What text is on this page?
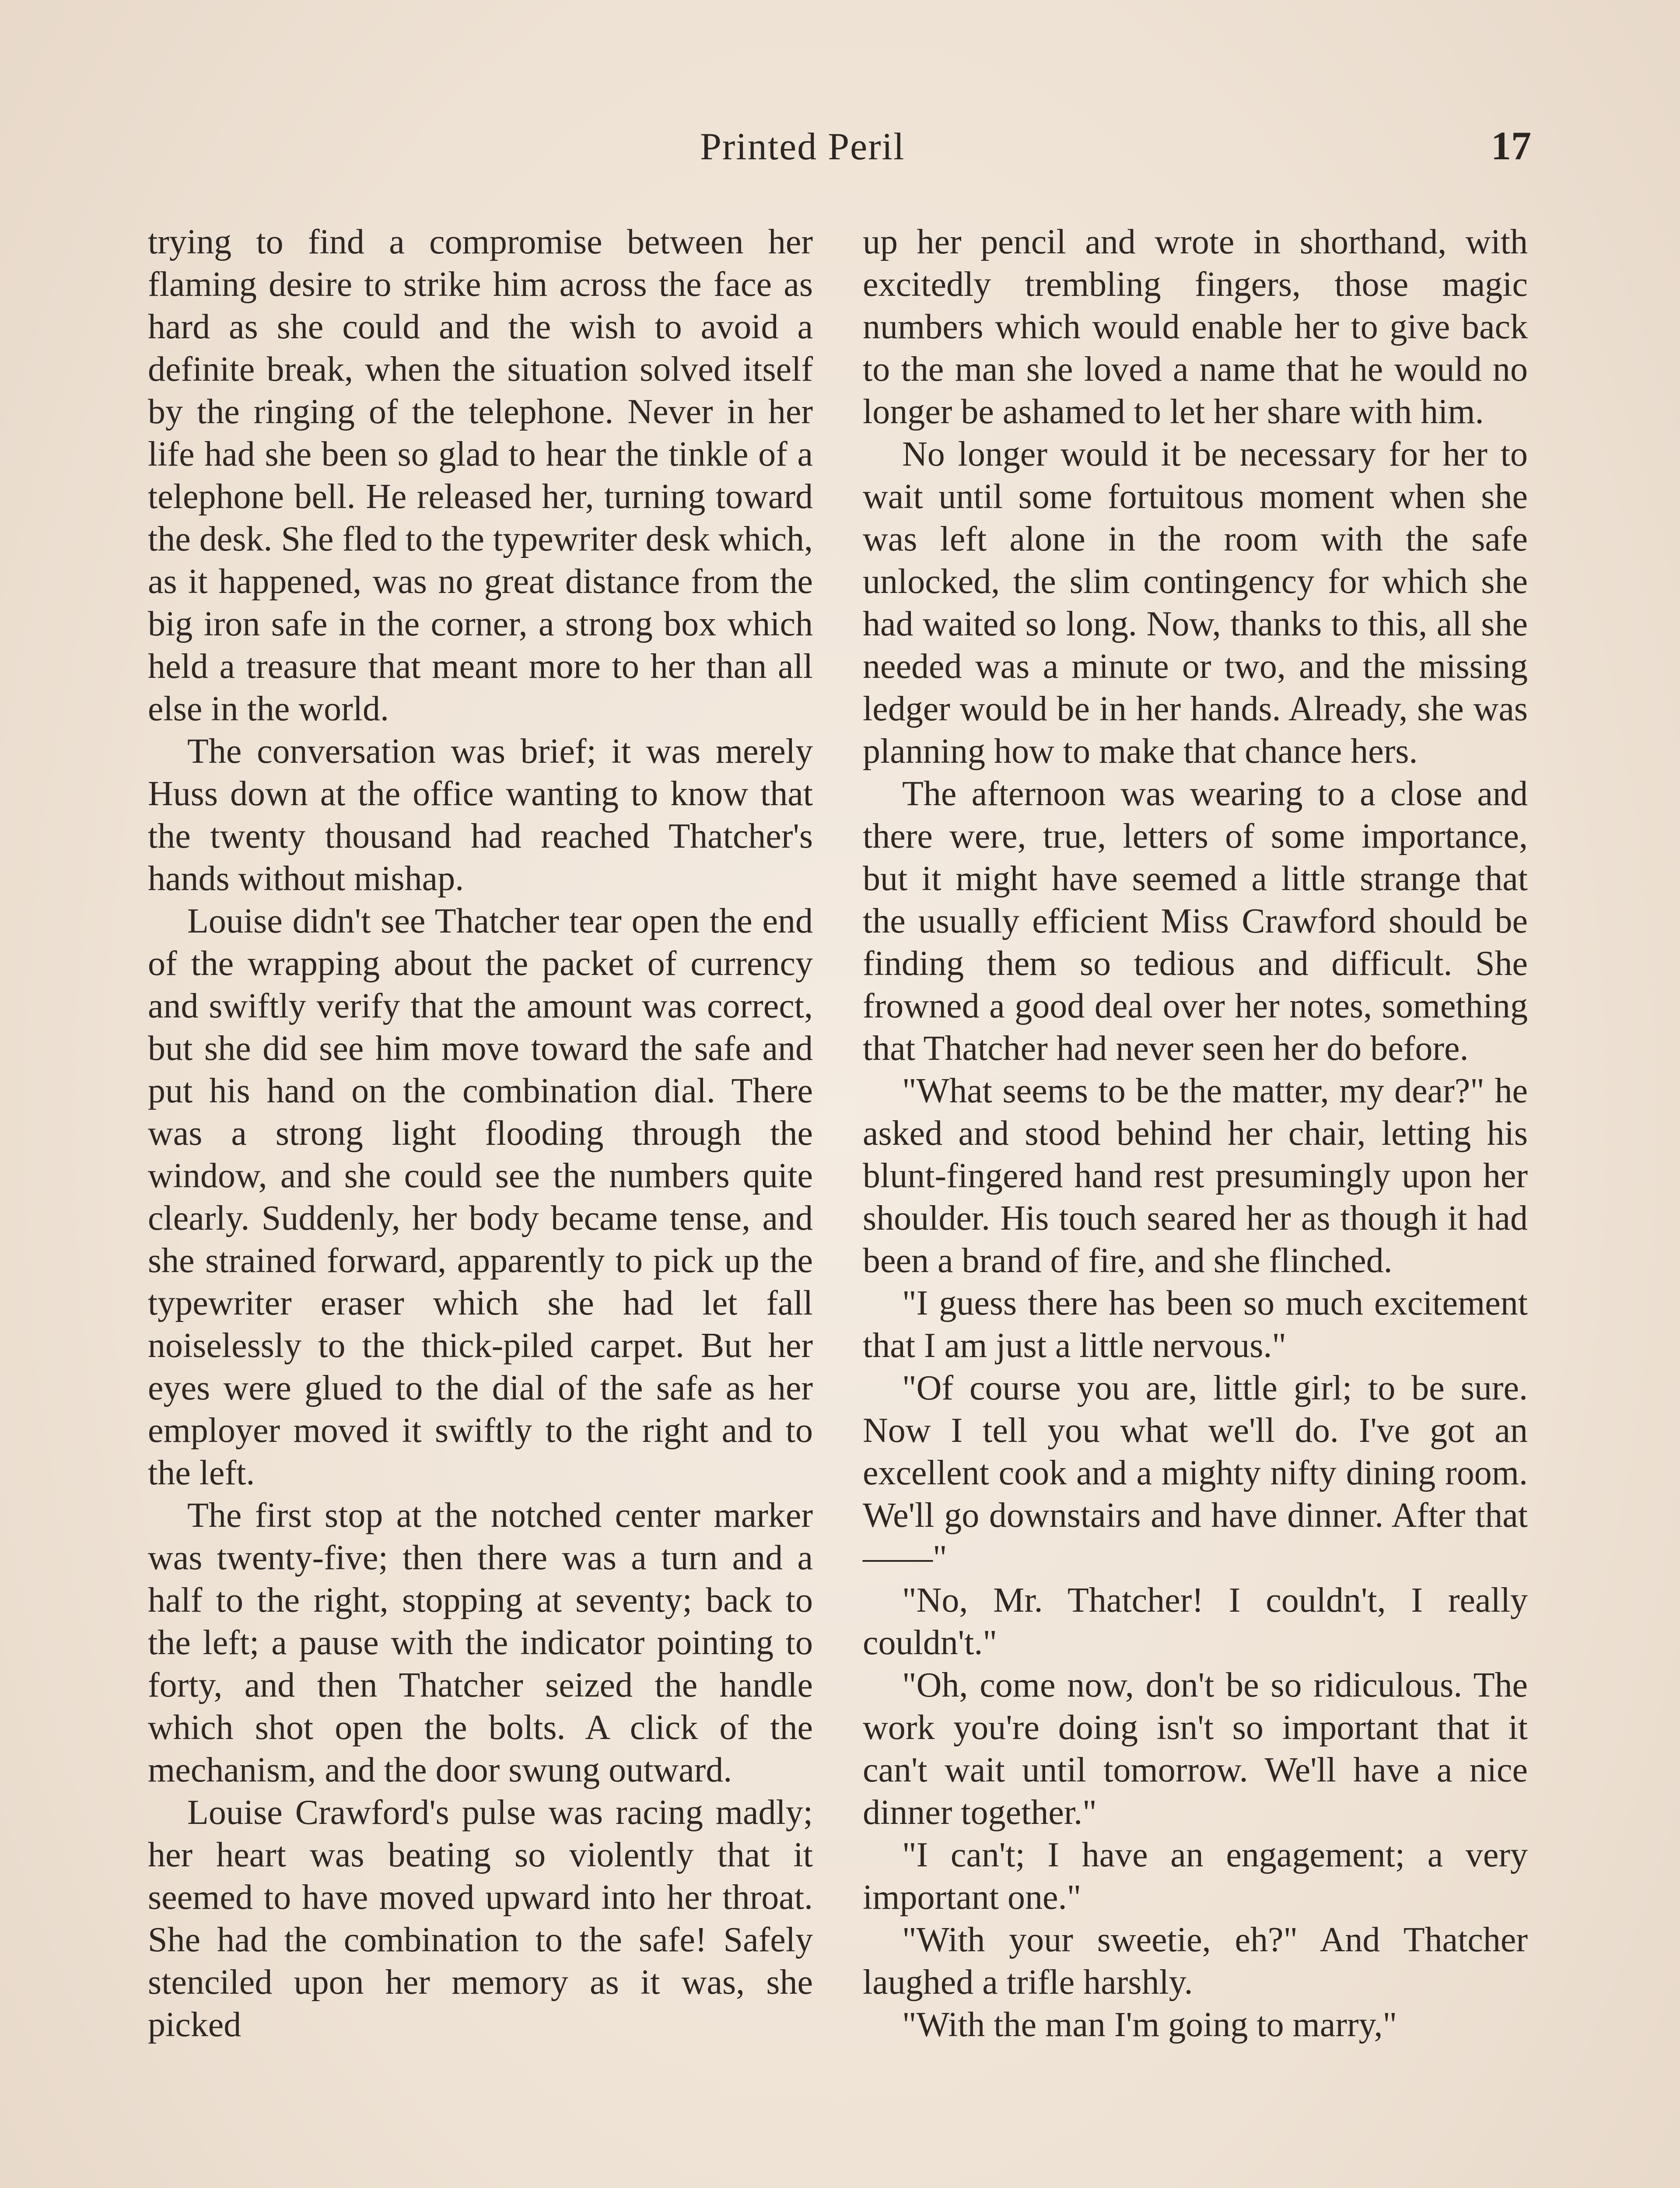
Printed Peril	17

trying to find a compromise between her flaming desire to strike him across the face as hard as she could and the wish to avoid a definite break, when the situation solved itself by the ringing of the telephone. Never in her life had she been so glad to hear the tinkle of a telephone bell. He released her, turning toward the desk. She fled to the typewriter desk which, as it happened, was no great distance from the big iron safe in the corner, a strong box which held a treasure that meant more to her than all else in the world.

The conversation was brief; it was merely Huss down at the office wanting to know that the twenty thousand had reached Thatcher's hands without mishap.

Louise didn't see Thatcher tear open the end of the wrapping about the packet of currency and swiftly verify that the amount was correct, but she did see him move toward the safe and put his hand on the combination dial. There was a strong light flooding through the window, and she could see the numbers quite clearly. Suddenly, her body became tense, and she strained forward, apparently to pick up the typewriter eraser which she had let fall noiselessly to the thick-piled carpet. But her eyes were glued to the dial of the safe as her employer moved it swiftly to the right and to the left.

The first stop at the notched center marker was twenty-five; then there was a turn and a half to the right, stopping at seventy; back to the left; a pause with the indicator pointing to forty, and then Thatcher seized the handle which shot open the bolts. A click of the mechanism, and the door swung outward.

Louise Crawford's pulse was racing madly; her heart was beating so violently that it seemed to have moved upward into her throat. She had the combination to the safe! Safely stenciled upon her memory as it was, she picked

up her pencil and wrote in shorthand, with excitedly trembling fingers, those magic numbers which would enable her to give back to the man she loved a name that he would no longer be ashamed to let her share with him.

No longer would it be necessary for her to wait until some fortuitous moment when she was left alone in the room with the safe unlocked, the slim contingency for which she had waited so long. Now, thanks to this, all she needed was a minute or two, and the missing ledger would be in her hands. Already, she was planning how to make that chance hers.

The afternoon was wearing to a close and there were, true, letters of some importance, but it might have seemed a little strange that the usually efficient Miss Crawford should be finding them so tedious and difficult. She frowned a good deal over her notes, something that Thatcher had never seen her do before.

"What seems to be the matter, my dear?" he asked and stood behind her chair, letting his blunt-fingered hand rest presumingly upon her shoulder. His touch seared her as though it had been a brand of fire, and she flinched.

"I guess there has been so much excitement that I am just a little nervous."

"Of course you are, little girl; to be sure. Now I tell you what we'll do. I've got an excellent cook and a mighty nifty dining room. We'll go downstairs and have dinner. After that——"

"No, Mr. Thatcher! I couldn't, I really couldn't."

"Oh, come now, don't be so ridiculous. The work you're doing isn't so important that it can't wait until tomorrow. We'll have a nice dinner together."

"I can't; I have an engagement; a very important one."

"With your sweetie, eh?" And Thatcher laughed a trifle harshly.

"With the man I'm going to marry,"
